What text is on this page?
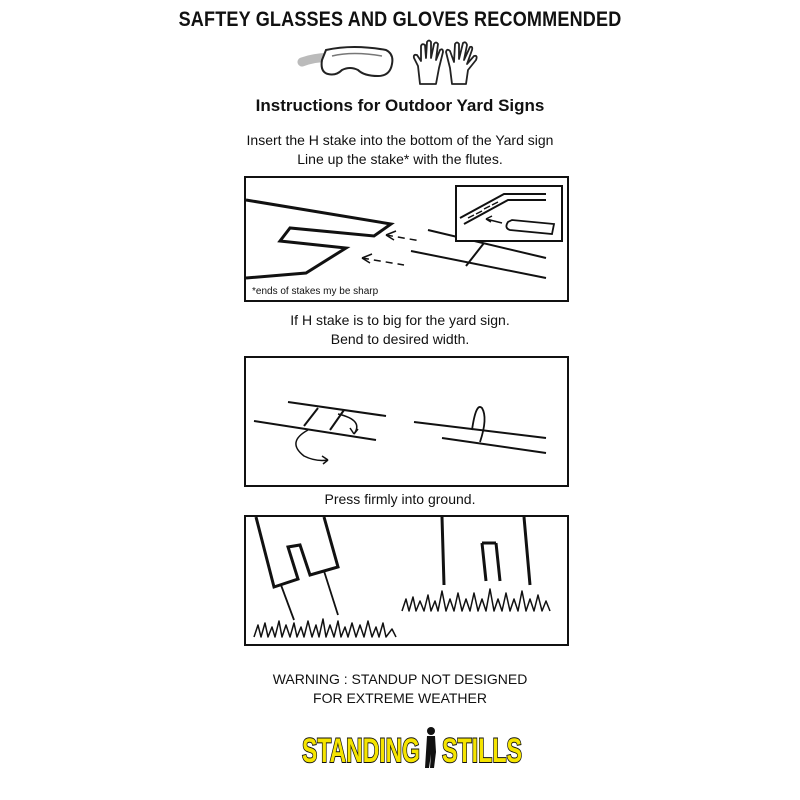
SAFTEY GLASSES AND GLOVES RECOMMENDED
Instructions for Outdoor Yard Signs
Insert the H stake into the bottom of the Yard sign
Line up the stake* with the flutes.
*ends of stakes my be sharp
If H stake is to big for the yard sign.
Bend to desired width.
Press firmly into ground.
WARNING : STANDUP NOT DESIGNED
FOR EXTREME WEATHER
STANDING STILLS
